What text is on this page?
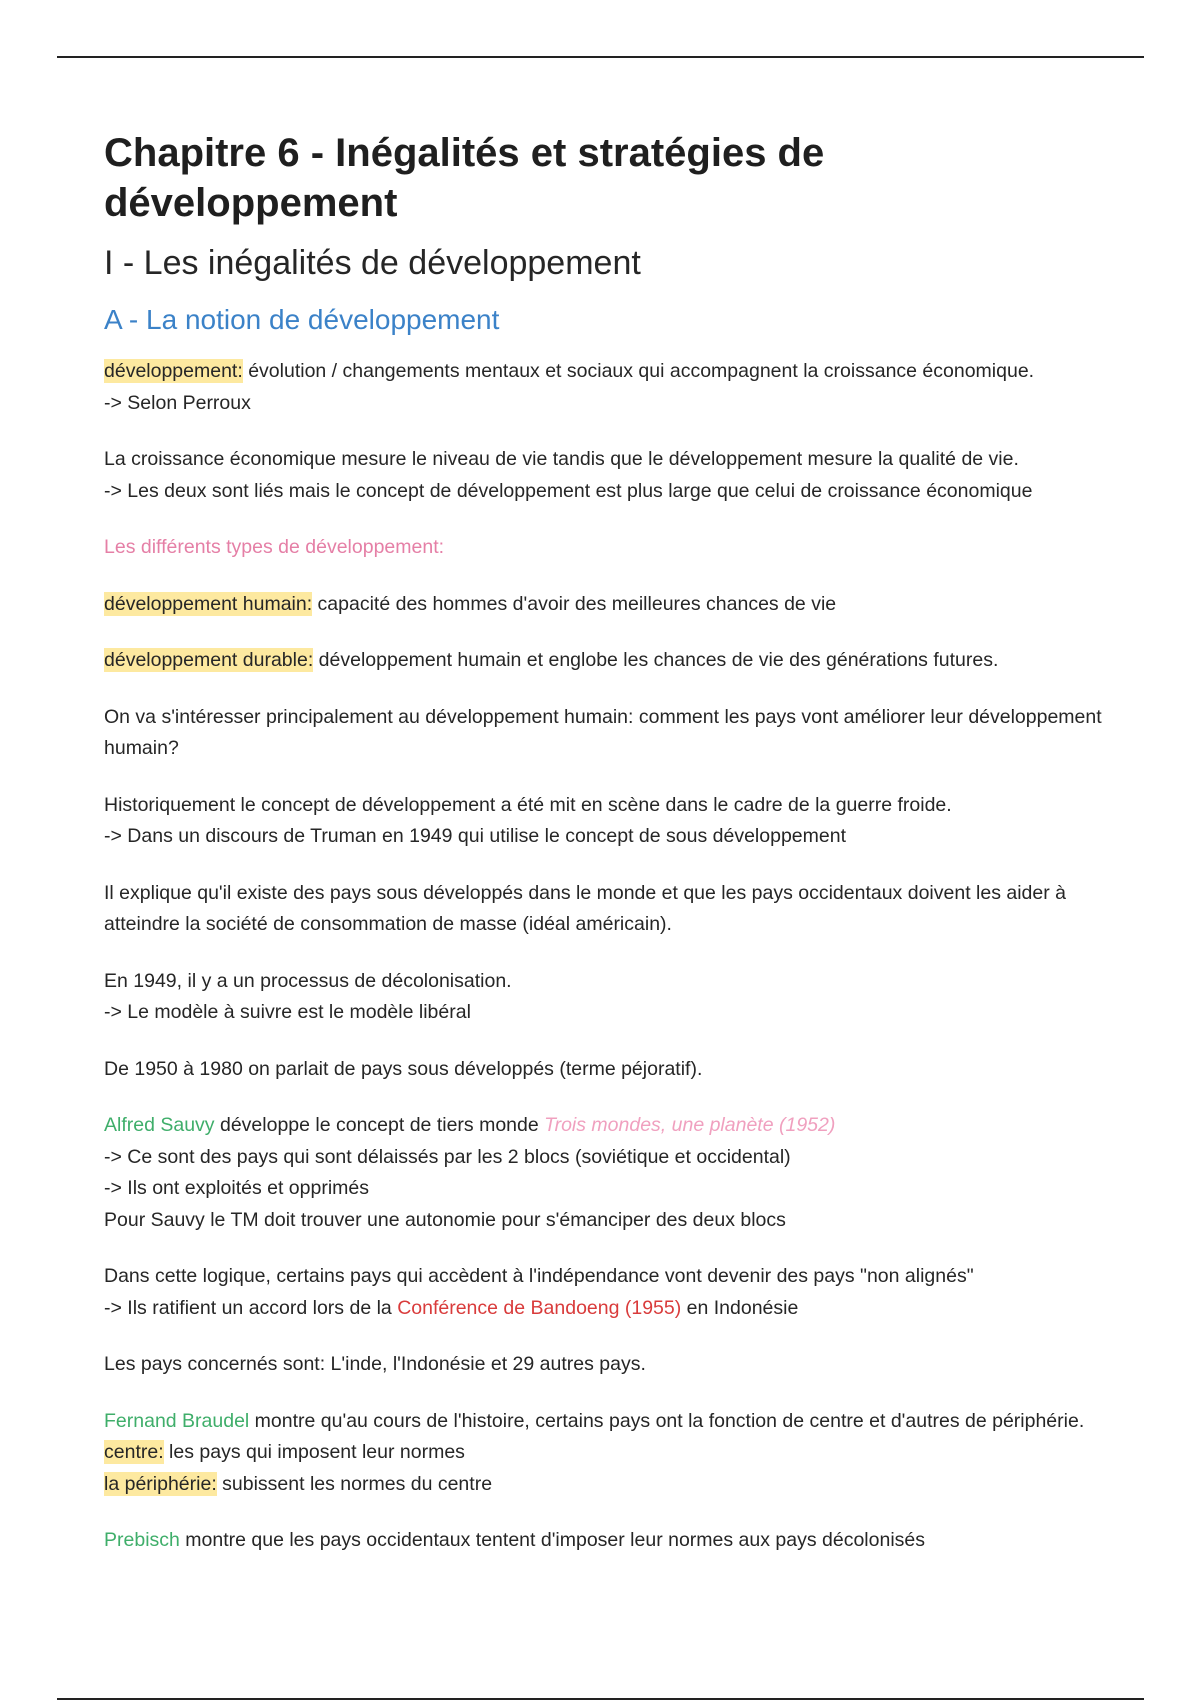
Chapitre 6 - Inégalités et stratégies de développement
I - Les inégalités de développement
A - La notion de développement

développement: évolution / changements mentaux et sociaux qui accompagnent la croissance économique.
-> Selon Perroux

La croissance économique mesure le niveau de vie tandis que le développement mesure la qualité de vie.
-> Les deux sont liés mais le concept de développement est plus large que celui de croissance économique

Les différents types de développement:

développement humain: capacité des hommes d'avoir des meilleures chances de vie

développement durable: développement humain et englobe les chances de vie des générations futures.

On va s'intéresser principalement au développement humain: comment les pays vont améliorer leur développement humain?

Historiquement le concept de développement a été mit en scène dans le cadre de la guerre froide.
-> Dans un discours de Truman en 1949 qui utilise le concept de sous développement

Il explique qu'il existe des pays sous développés dans le monde et que les pays occidentaux doivent les aider à atteindre la société de consommation de masse (idéal américain).

En 1949, il y a un processus de décolonisation.
-> Le modèle à suivre est le modèle libéral

De 1950 à 1980 on parlait de pays sous développés (terme péjoratif).

Alfred Sauvy développe le concept de tiers monde Trois mondes, une planète (1952)
-> Ce sont des pays qui sont délaissés par les 2 blocs (soviétique et occidental)
-> Ils ont exploités et opprimés
Pour Sauvy le TM doit trouver une autonomie pour s'émanciper des deux blocs

Dans cette logique, certains pays qui accèdent à l'indépendance vont devenir des pays "non alignés"
-> Ils ratifient un accord lors de la Conférence de Bandoeng (1955) en Indonésie

Les pays concernés sont: L'inde, l'Indonésie et 29 autres pays.

Fernand Braudel montre qu'au cours de l'histoire, certains pays ont la fonction de centre et d'autres de périphérie.
centre: les pays qui imposent leur normes
la périphérie: subissent les normes du centre

Prebisch montre que les pays occidentaux tentent d'imposer leur normes aux pays décolonisés
